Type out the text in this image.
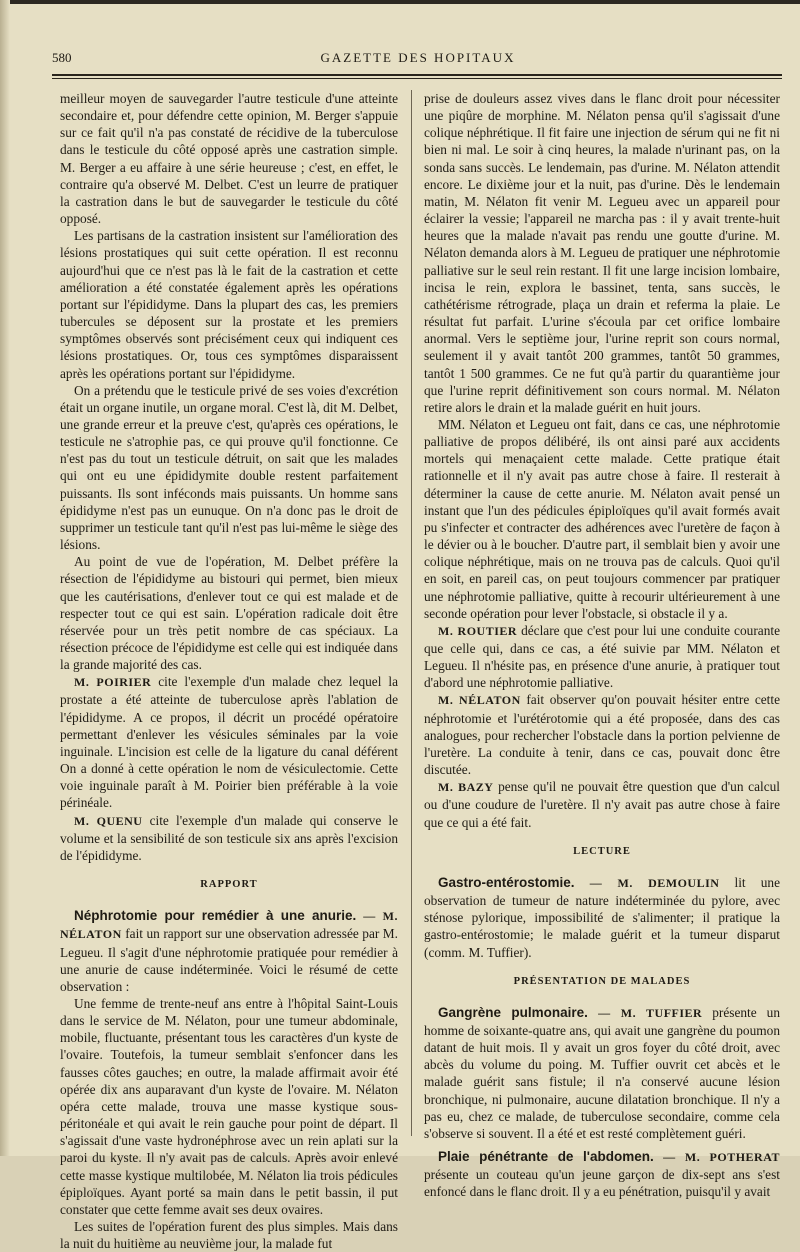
580	GAZETTE DES HOPITAUX

meilleur moyen de sauvegarder l'autre testicule d'une atteinte secondaire et, pour défendre cette opinion, M. Berger s'appuie sur ce fait qu'il n'a pas constaté de récidive de la tuberculose dans le testicule du côté opposé après une castration simple. M. Berger a eu affaire à une série heureuse ; c'est, en effet, le contraire qu'a observé M. Delbet. C'est un leurre de pratiquer la castration dans le but de sauvegarder le testicule du côté opposé.

Les partisans de la castration insistent sur l'amélioration des lésions prostatiques qui suit cette opération. Il est reconnu aujourd'hui que ce n'est pas là le fait de la castration et cette amélioration a été constatée également après les opérations portant sur l'épididyme. Dans la plupart des cas, les premiers tubercules se déposent sur la prostate et les premiers symptômes observés sont précisément ceux qui indiquent ces lésions prostatiques. Or, tous ces symptômes disparaissent après les opérations portant sur l'épididyme.

On a prétendu que le testicule privé de ses voies d'excrétion était un organe inutile, un organe moral. C'est là, dit M. Delbet, une grande erreur et la preuve c'est, qu'après ces opérations, le testicule ne s'atrophie pas, ce qui prouve qu'il fonctionne. Ce n'est pas du tout un testicule détruit, on sait que les malades qui ont eu une épididymite double restent parfaitement puissants. Ils sont inféconds mais puissants. Un homme sans épididyme n'est pas un eunuque. On n'a donc pas le droit de supprimer un testicule tant qu'il n'est pas lui-même le siège des lésions.

Au point de vue de l'opération, M. Delbet préfère la résection de l'épididyme au bistouri qui permet, bien mieux que les cautérisations, d'enlever tout ce qui est malade et de respecter tout ce qui est sain. L'opération radicale doit être réservée pour un très petit nombre de cas spéciaux. La résection précoce de l'épididyme est celle qui est indiquée dans la grande majorité des cas.

M. POIRIER cite l'exemple d'un malade chez lequel la prostate a été atteinte de tuberculose après l'ablation de l'épididyme. A ce propos, il décrit un procédé opératoire permettant d'enlever les vésicules séminales par la voie inguinale. L'incision est celle de la ligature du canal déférent On a donné à cette opération le nom de vésiculectomie. Cette voie inguinale paraît à M. Poirier bien préférable à la voie périnéale.

M. QUENU cite l'exemple d'un malade qui conserve le volume et la sensibilité de son testicule six ans après l'excision de l'épididyme.

RAPPORT

Néphrotomie pour remédier à une anurie. — M. NÉLATON fait un rapport sur une observation adressée par M. Legueu. Il s'agit d'une néphrotomie pratiquée pour remédier à une anurie de cause indéterminée. Voici le résumé de cette observation :

Une femme de trente-neuf ans entre à l'hôpital Saint-Louis dans le service de M. Nélaton, pour une tumeur abdominale, mobile, fluctuante, présentant tous les caractères d'un kyste de l'ovaire. Toutefois, la tumeur semblait s'enfoncer dans les fausses côtes gauches; en outre, la malade affirmait avoir été opérée dix ans auparavant d'un kyste de l'ovaire. M. Nélaton opéra cette malade, trouva une masse kystique sous-péritonéale et qui avait le rein gauche pour point de départ. Il s'agissait d'une vaste hydronéphrose avec un rein aplati sur la paroi du kyste. Il n'y avait pas de calculs. Après avoir enlevé cette masse kystique multilobée, M. Nélaton lia trois pédicules épiploïques. Ayant porté sa main dans le petit bassin, il put constater que cette femme avait ses deux ovaires.

Les suites de l'opération furent des plus simples. Mais dans la nuit du huitième au neuvième jour, la malade fut

prise de douleurs assez vives dans le flanc droit pour nécessiter une piqûre de morphine. M. Nélaton pensa qu'il s'agissait d'une colique néphrétique. Il fit faire une injection de sérum qui ne fit ni bien ni mal. Le soir à cinq heures, la malade n'urinant pas, on la sonda sans succès. Le lendemain, pas d'urine. M. Nélaton attendit encore. Le dixième jour et la nuit, pas d'urine. Dès le lendemain matin, M. Nélaton fit venir M. Legueu avec un appareil pour éclairer la vessie; l'appareil ne marcha pas : il y avait trente-huit heures que la malade n'avait pas rendu une goutte d'urine. M. Nélaton demanda alors à M. Legueu de pratiquer une néphrotomie palliative sur le seul rein restant. Il fit une large incision lombaire, incisa le rein, explora le bassinet, tenta, sans succès, le cathétérisme rétrograde, plaça un drain et referma la plaie. Le résultat fut parfait. L'urine s'écoula par cet orifice lombaire anormal. Vers le septième jour, l'urine reprit son cours normal, seulement il y avait tantôt 200 grammes, tantôt 50 grammes, tantôt 1 500 grammes. Ce ne fut qu'à partir du quarantième jour que l'urine reprit définitivement son cours normal. M. Nélaton retire alors le drain et la malade guérit en huit jours.

MM. Nélaton et Legueu ont fait, dans ce cas, une néphrotomie palliative de propos délibéré, ils ont ainsi paré aux accidents mortels qui menaçaient cette malade. Cette pratique était rationnelle et il n'y avait pas autre chose à faire. Il resterait à déterminer la cause de cette anurie. M. Nélaton avait pensé un instant que l'un des pédicules épiploïques qu'il avait formés avait pu s'infecter et contracter des adhérences avec l'uretère de façon à le dévier ou à le boucher. D'autre part, il semblait bien y avoir une colique néphrétique, mais on ne trouva pas de calculs. Quoi qu'il en soit, en pareil cas, on peut toujours commencer par pratiquer une néphrotomie palliative, quitte à recourir ultérieurement à une seconde opération pour lever l'obstacle, si obstacle il y a.

M. ROUTIER déclare que c'est pour lui une conduite courante que celle qui, dans ce cas, a été suivie par MM. Nélaton et Legueu. Il n'hésite pas, en présence d'une anurie, à pratiquer tout d'abord une néphrotomie palliative.

M. NÉLATON fait observer qu'on pouvait hésiter entre cette néphrotomie et l'urétérotomie qui a été proposée, dans des cas analogues, pour rechercher l'obstacle dans la portion pelvienne de l'uretère. La conduite à tenir, dans ce cas, pouvait donc être discutée.

M. BAZY pense qu'il ne pouvait être question que d'un calcul ou d'une coudure de l'uretère. Il n'y avait pas autre chose à faire que ce qui a été fait.

LECTURE

Gastro-entérostomie. — M. DEMOULIN lit une observation de tumeur de nature indéterminée du pylore, avec sténose pylorique, impossibilité de s'alimenter; il pratique la gastro-entérostomie; le malade guérit et la tumeur disparut (comm. M. Tuffier).

PRÉSENTATION DE MALADES

Gangrène pulmonaire. — M. TUFFIER présente un homme de soixante-quatre ans, qui avait une gangrène du poumon datant de huit mois. Il y avait un gros foyer du côté droit, avec abcès du volume du poing. M. Tuffier ouvrit cet abcès et le malade guérit sans fistule; il n'a conservé aucune lésion bronchique, ni pulmonaire, aucune dilatation bronchique. Il n'y a pas eu, chez ce malade, de tuberculose secondaire, comme cela s'observe si souvent. Il a été et est resté complètement guéri.

Plaie pénétrante de l'abdomen. — M. POTHERAT présente un couteau qu'un jeune garçon de dix-sept ans s'est enfoncé dans le flanc droit. Il y a eu pénétration, puisqu'il y avait
